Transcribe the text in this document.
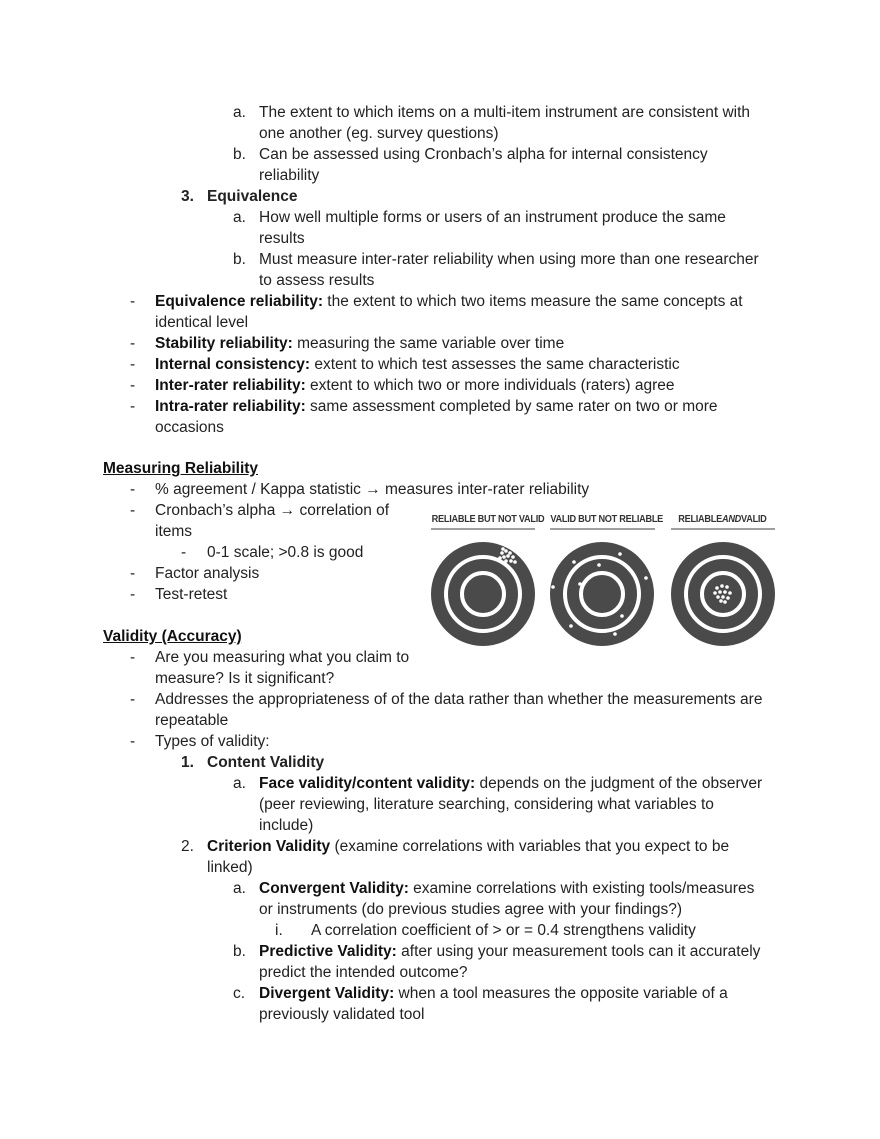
a. The extent to which items on a multi-item instrument are consistent with
one another (eg. survey questions)
b. Can be assessed using Cronbach’s alpha for internal consistency
reliability
3. Equivalence
a. How well multiple forms or users of an instrument produce the same
results
b. Must measure inter-rater reliability when using more than one researcher
to assess results
- Equivalence reliability: the extent to which two items measure the same concepts at
identical level
- Stability reliability: measuring the same variable over time
- Internal consistency: extent to which test assesses the same characteristic
- Inter-rater reliability: extent to which two or more individuals (raters) agree
- Intra-rater reliability: same assessment completed by same rater on two or more
occasions
Measuring Reliability
- % agreement / Kappa statistic → measures inter-rater reliability
- Cronbach’s alpha → correlation of
items
- 0-1 scale; >0.8 is good
- Factor analysis
- Test-retest
RELIABLE BUT NOT VALID VALID BUT NOT RELIABLE RELIABLEANDVALID
Validity (Accuracy)
- Are you measuring what you claim to
measure? Is it significant?
- Addresses the appropriateness of of the data rather than whether the measurements are
repeatable
- Types of validity:
1. Content Validity
a. Face validity/content validity: depends on the judgment of the observer
(peer reviewing, literature searching, considering what variables to
include)
2. Criterion Validity (examine correlations with variables that you expect to be
linked)
a. Convergent Validity: examine correlations with existing tools/measures
or instruments (do previous studies agree with your findings?)
i. A correlation coefficient of > or = 0.4 strengthens validity
b. Predictive Validity: after using your measurement tools can it accurately
predict the intended outcome?
c. Divergent Validity: when a tool measures the opposite variable of a
previously validated tool
